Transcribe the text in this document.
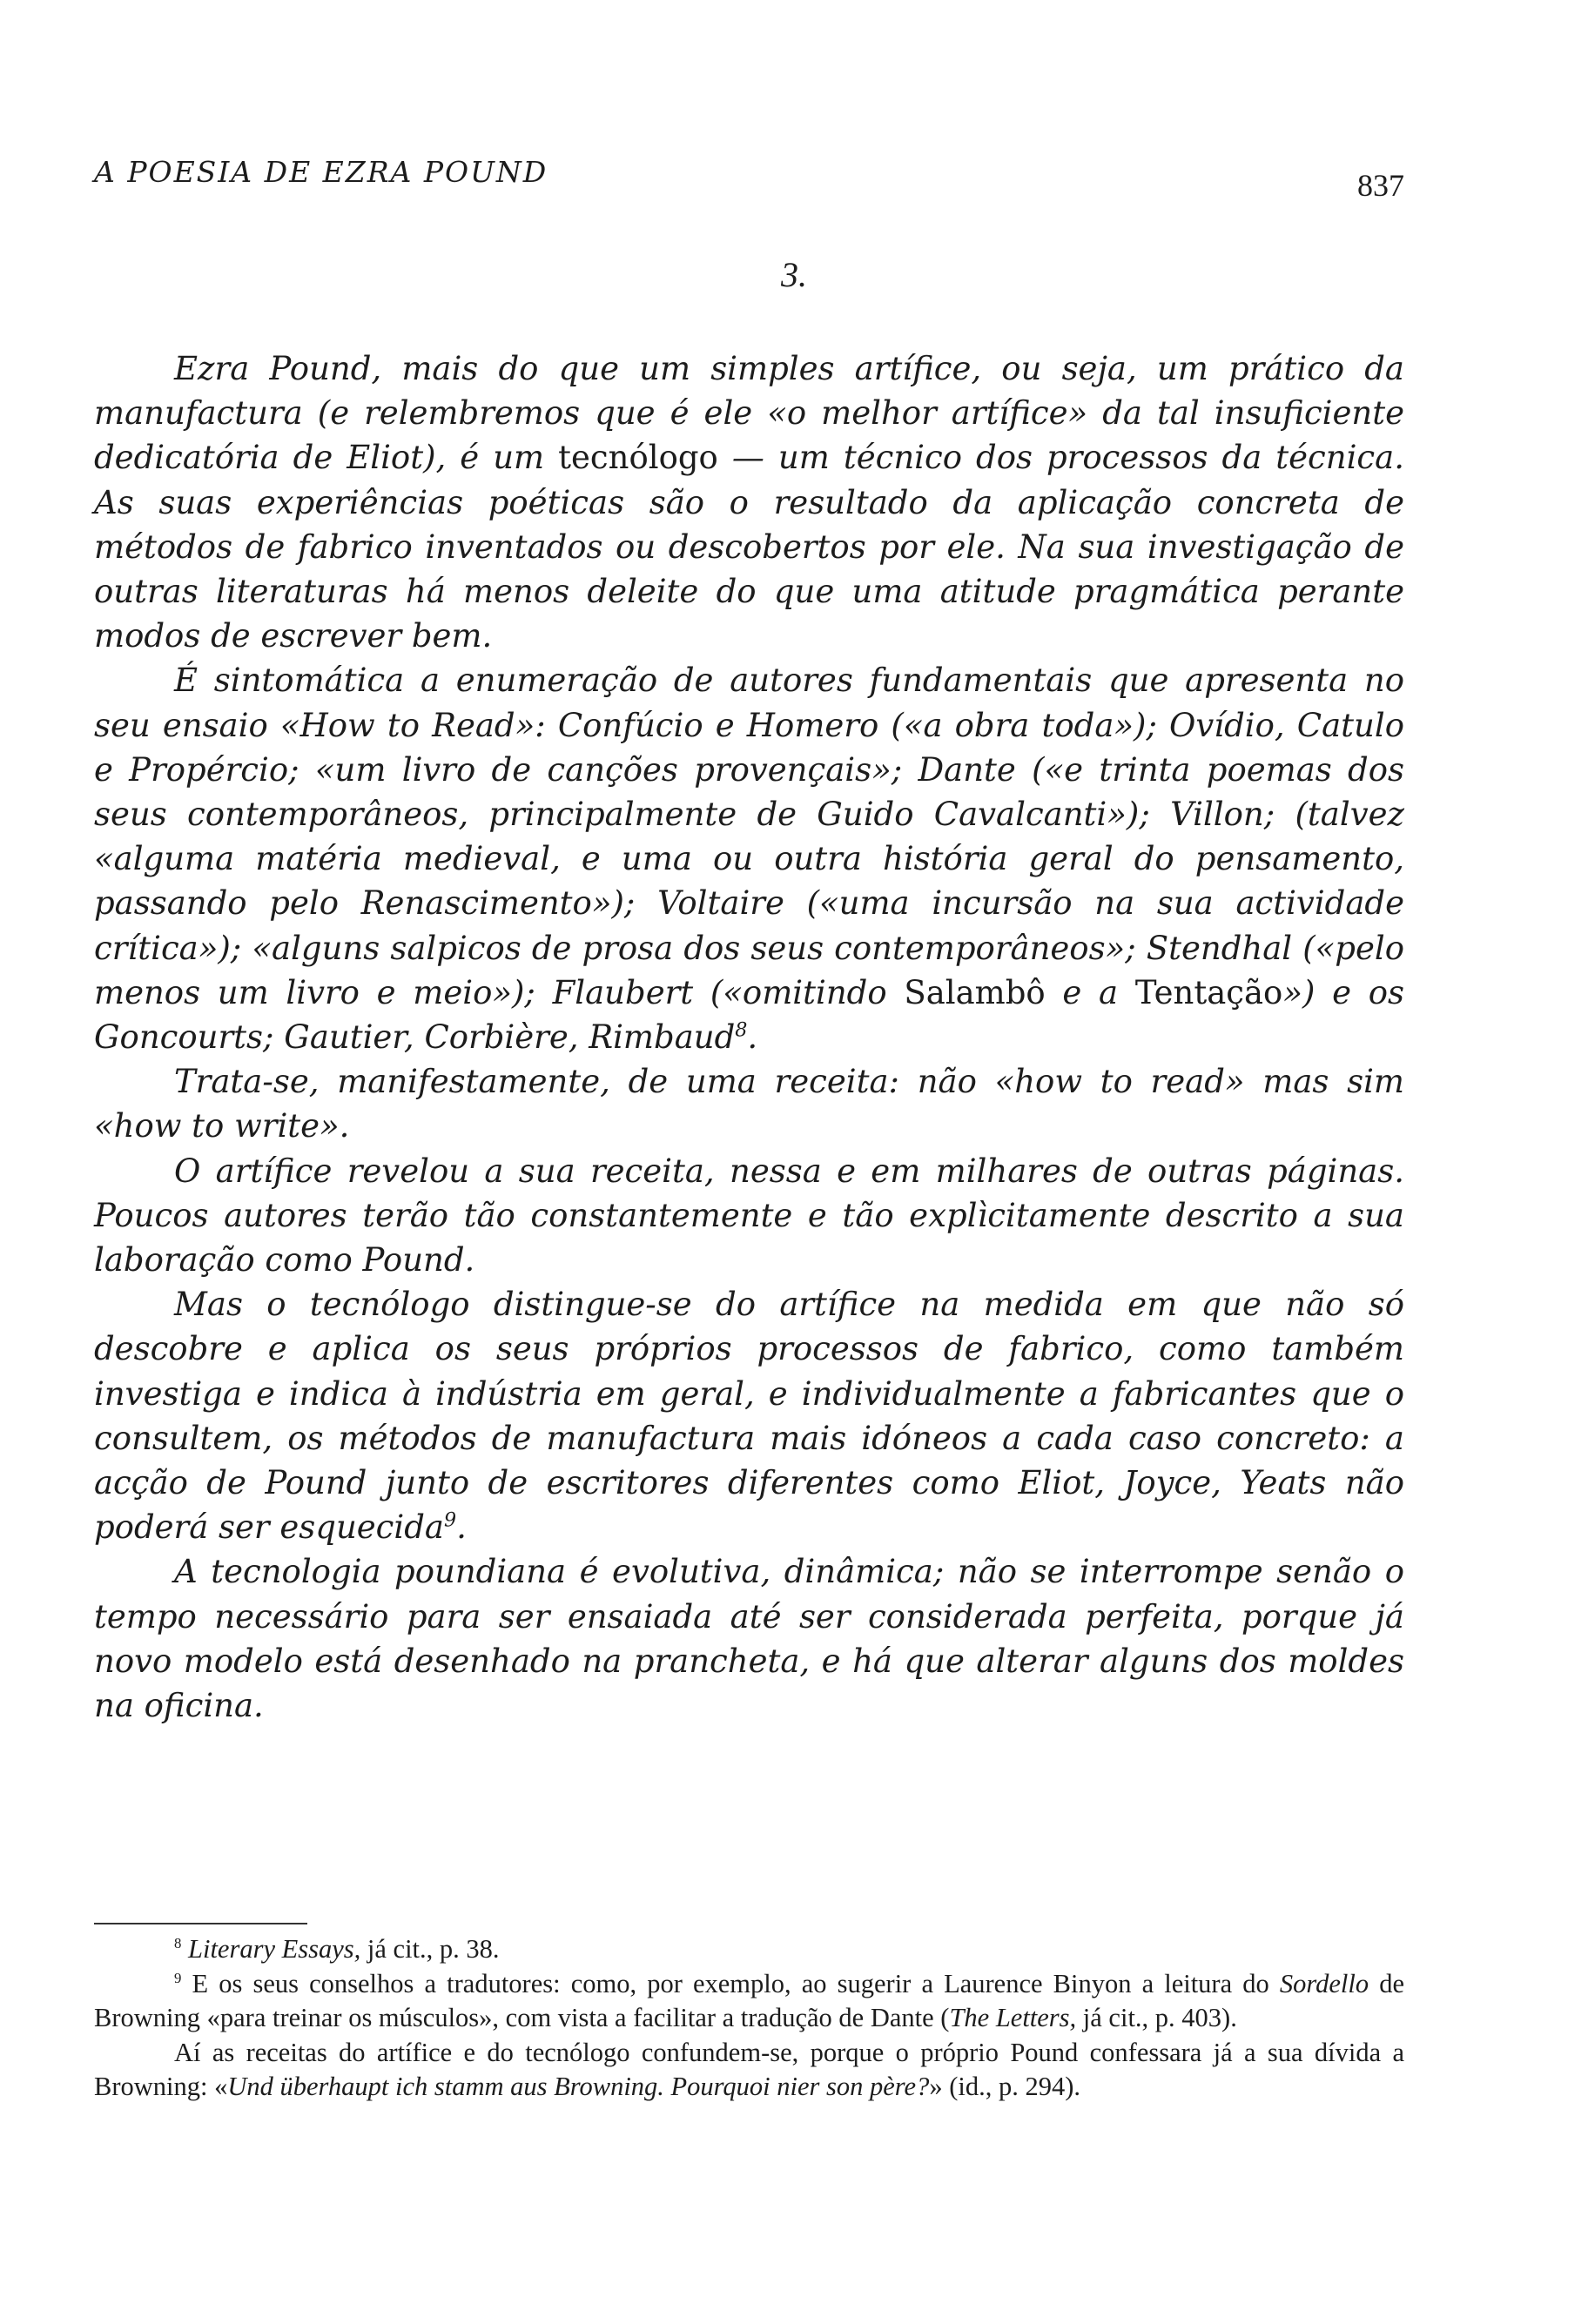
A POESIA DE EZRA POUND	837
3.

Ezra Pound, mais do que um simples artífice, ou seja, um prático da manufactura (e relembremos que é ele «o melhor artífice» da tal insuficiente dedicatória de Eliot), é um tecnólogo — um técnico dos processos da técnica. As suas experiências poéticas são o resultado da aplicação concreta de métodos de fabrico inventados ou descobertos por ele. Na sua investigação de outras literaturas há menos deleite do que uma atitude pragmática perante modos de escrever bem.

É sintomática a enumeração de autores fundamentais que apresenta no seu ensaio «How to Read»: Confúcio e Homero («a obra toda»); Ovídio, Catulo e Propércio; «um livro de canções provençais»; Dante («e trinta poemas dos seus contemporâneos, principalmente de Guido Cavalcanti»); Villon; (talvez «alguma matéria medieval, e uma ou outra história geral do pensamento, passando pelo Renascimento»); Voltaire («uma incursão na sua actividade crítica»); «alguns salpicos de prosa dos seus contemporâneos»; Stendhal («pelo menos um livro e meio»); Flaubert («omitindo Salambô e a Tentação») e os Goncourts; Gautier, Corbière, Rimbaud$^8$.

Trata-se, manifestamente, de uma receita: não «how to read» mas sim «how to write».

O artífice revelou a sua receita, nessa e em milhares de outras páginas. Poucos autores terão tão constantemente e tão explìcitamente descrito a sua laboração como Pound.

Mas o tecnólogo distingue-se do artífice na medida em que não só descobre e aplica os seus próprios processos de fabrico, como também investiga e indica à indústria em geral, e individualmente a fabricantes que o consultem, os métodos de manufactura mais idóneos a cada caso concreto: a acção de Pound junto de escritores diferentes como Eliot, Joyce, Yeats não poderá ser esquecida$^9$.

A tecnologia poundiana é evolutiva, dinâmica; não se interrompe senão o tempo necessário para ser ensaiada até ser considerada perfeita, porque já novo modelo está desenhado na prancheta, e há que alterar alguns dos moldes na oficina.

$^8$ Literary Essays, já cit., p. 38.

$^9$ E os seus conselhos a tradutores: como, por exemplo, ao sugerir a Laurence Binyon a leitura do Sordello de Browning «para treinar os músculos», com vista a facilitar a tradução de Dante (The Letters, já cit., p. 403).

Aí as receitas do artífice e do tecnólogo confundem-se, porque o próprio Pound confessara já a sua dívida a Browning: «Und überhaupt ich stamm aus Browning. Pourquoi nier son père?» (id., p. 294).
